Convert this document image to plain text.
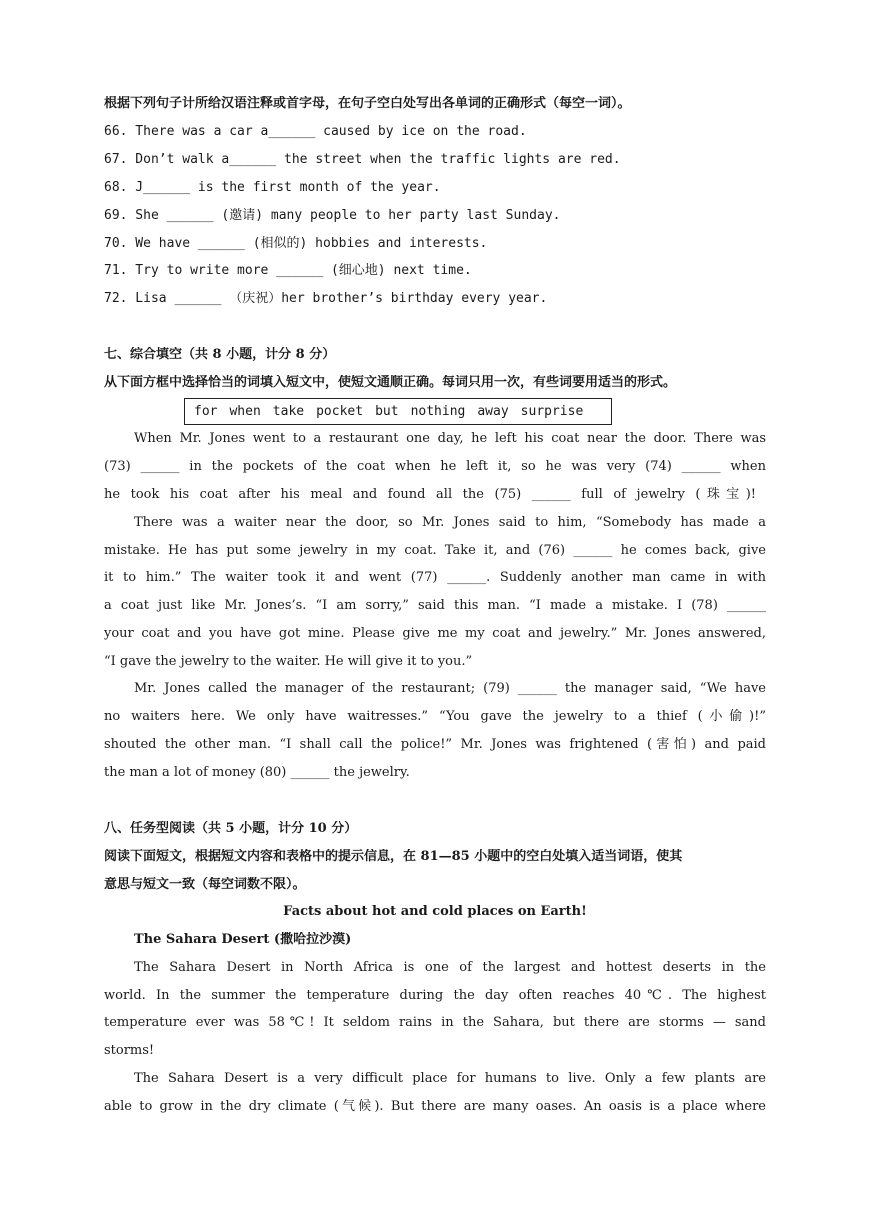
根据下列句子计所给汉语注释或首字母，在句子空白处写出各单词的正确形式（每空一词）。
66. There was a car a______ caused by ice on the road.
67. Don’t walk a______ the street when the traffic lights are red.
68. J______ is the first month of the year.
69. She ______ (邀请) many people to her party last Sunday.
70. We have ______ (相似的) hobbies and interests.
71. Try to write more ______ (细心地) next time.
72. Lisa ______ （庆祝）her brother’s birthday every year.
七、综合填空（共 8 小题，计分 8 分）
从下面方框中选择恰当的词填入短文中，使短文通顺正确。每词只用一次，有些词要用适当的形式。
for when take pocket but nothing away surprise
When Mr. Jones went to a restaurant one day, he left his coat near the door. There was
(73) ______ in the pockets of the coat when he left it, so he was very (74) ______ when
he took his coat after his meal and found all the (75) ______ full of jewelry (珠宝)!
There was a waiter near the door, so Mr. Jones said to him, “Somebody has made a
mistake. He has put some jewelry in my coat. Take it, and (76) ______ he comes back, give
it to him.” The waiter took it and went (77) ______. Suddenly another man came in with
a coat just like Mr. Jones’s. “I am sorry,” said this man. “I made a mistake. I (78) ______
your coat and you have got mine. Please give me my coat and jewelry.” Mr. Jones answered,
“I gave the jewelry to the waiter. He will give it to you.”
Mr. Jones called the manager of the restaurant; (79) ______ the manager said, “We have
no waiters here. We only have waitresses.” “You gave the jewelry to a thief (小偷)!”
shouted the other man. “I shall call the police!” Mr. Jones was frightened (害怕) and paid
the man a lot of money (80) ______ the jewelry.
八、任务型阅读（共 5 小题，计分 10 分）
阅读下面短文，根据短文内容和表格中的提示信息，在 81—85 小题中的空白处填入适当词语，使其
意思与短文一致（每空词数不限）。
Facts about hot and cold places on Earth!
The Sahara Desert (撒哈拉沙漠)
The Sahara Desert in North Africa is one of the largest and hottest deserts in the
world. In the summer the temperature during the day often reaches 40℃. The highest
temperature ever was 58℃! It seldom rains in the Sahara, but there are storms — sand
storms!
The Sahara Desert is a very difficult place for humans to live. Only a few plants are
able to grow in the dry climate (气候). But there are many oases. An oasis is a place where
